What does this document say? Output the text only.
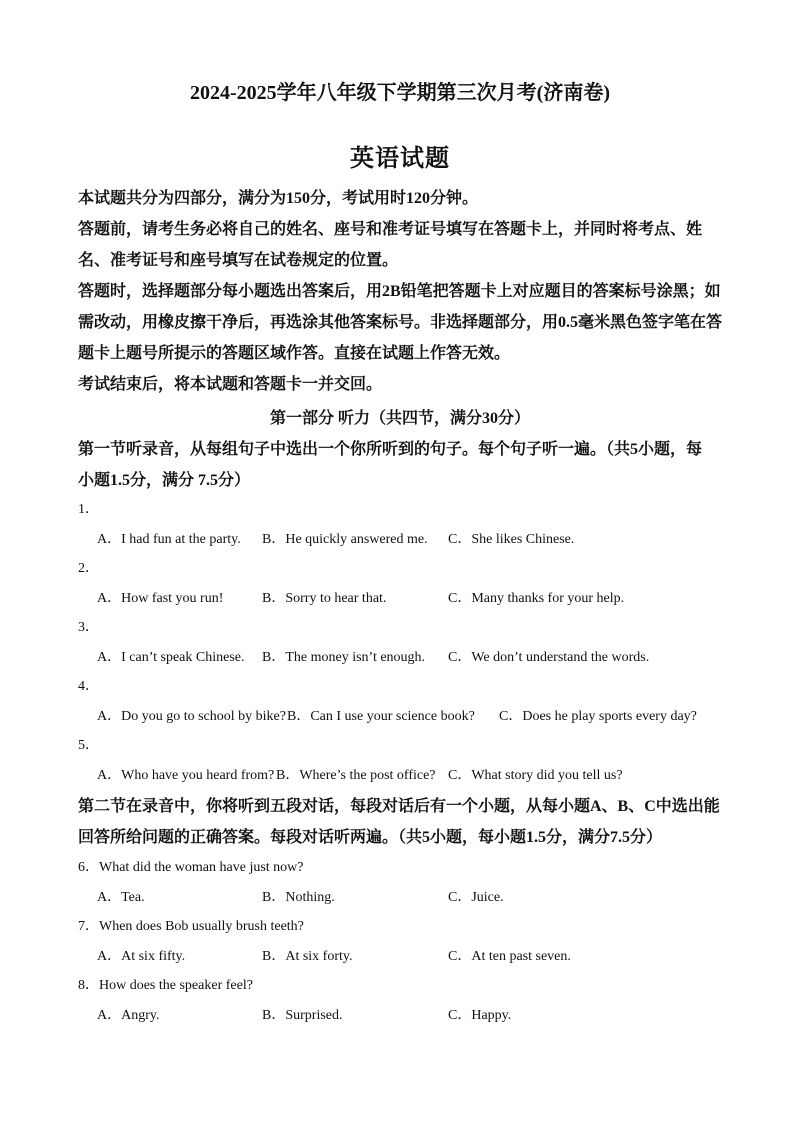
2024-2025学年八年级下学期第三次月考(济南卷)
英语试题
本试题共分为四部分，满分为150分，考试用时120分钟。
答题前，请考生务必将自己的姓名、座号和准考证号填写在答题卡上，并同时将考点、姓名、准考证号和座号填写在试卷规定的位置。
答题时，选择题部分每小题选出答案后，用2B铅笔把答题卡上对应题目的答案标号涂黑；如需改动，用橡皮擦干净后，再选涂其他答案标号。非选择题部分，用0.5毫米黑色签字笔在答题卡上题号所提示的答题区域作答。直接在试题上作答无效。
考试结束后，将本试题和答题卡一并交回。
第一部分 听力（共四节，满分30分）
第一节听录音，从每组句子中选出一个你所听到的句子。每个句子听一遍。（共5小题，每
小题1.5分，满分 7.5分）
1．
A．I had fun at the party. B．He quickly answered me. C．She likes Chinese.
2．
A．How fast you run!	B．Sorry to hear that.	C．Many thanks for your help.
3．
A．I can’t speak Chinese. B．The money isn’t enough. C．We don’t understand the words.
4．
A．Do you go to school by bike? B．Can I use your science book? C．Does he play sports every day?
5．
A．Who have you heard from? B．Where’s the post office? C．What story did you tell us?
第二节在录音中，你将听到五段对话，每段对话后有一个小题，从每小题A、B、C中选出能
回答所给问题的正确答案。每段对话听两遍。（共5小题，每小题1.5分，满分7.5分）
6．What did the woman have just now?
A．Tea.	B．Nothing.	C．Juice.
7．When does Bob usually brush teeth?
A．At six fifty.	B．At six forty.	C．At ten past seven.
8．How does the speaker feel?
A．Angry.	B．Surprised.	C．Happy.
